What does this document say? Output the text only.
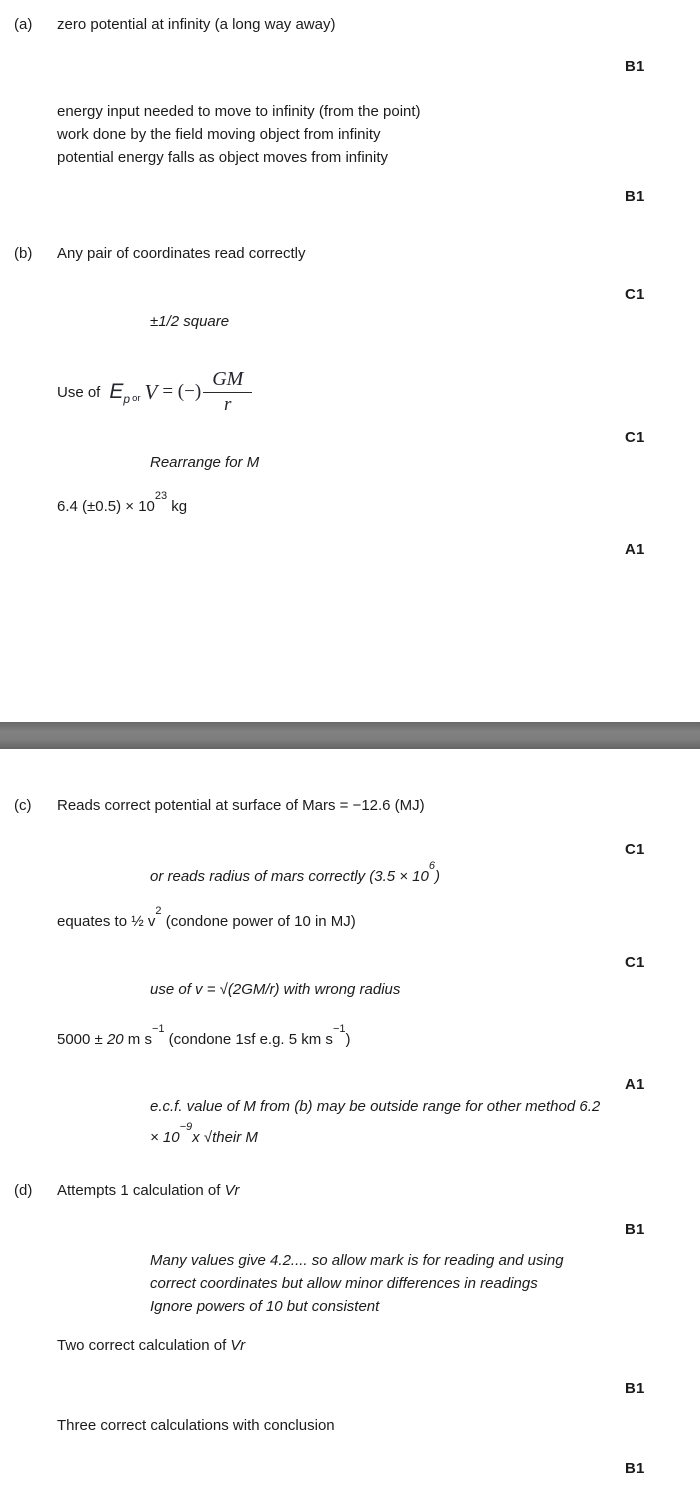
(a) zero potential at infinity (a long way away)
B1
energy input needed to move to infinity (from the point)
work done by the field moving object from infinity
potential energy falls as object moves from infinity
B1
(b) Any pair of coordinates read correctly
C1
±1/2 square
Use of $E_p$ or V = (−) $\frac{GM}{r}$
C1
Rearrange for M
6.4 $(\pm 0.5) \times 10^{23}$ kg
A1
(c) Reads correct potential at surface of Mars = −12.6 (MJ)
C1
or reads radius of mars correctly $(3.5 \times 10^6)$
equates to ½ $v^2$ (condone power of 10 in MJ)
C1
use of v = √(2GM/r) with wrong radius
5000 ± 20 m $s^{-1}$ (condone 1sf e.g. 5 km $s^{-1}$)
A1
e.c.f. value of M from (b) may be outside range for other method 6.2
× $10^{-9}x$ √their M
(d) Attempts 1 calculation of Vr
B1
Many values give 4.2.... so allow mark is for reading and using
correct coordinates but allow minor differences in readings
Ignore powers of 10 but consistent
Two correct calculation of Vr
B1
Three correct calculations with conclusion
B1
